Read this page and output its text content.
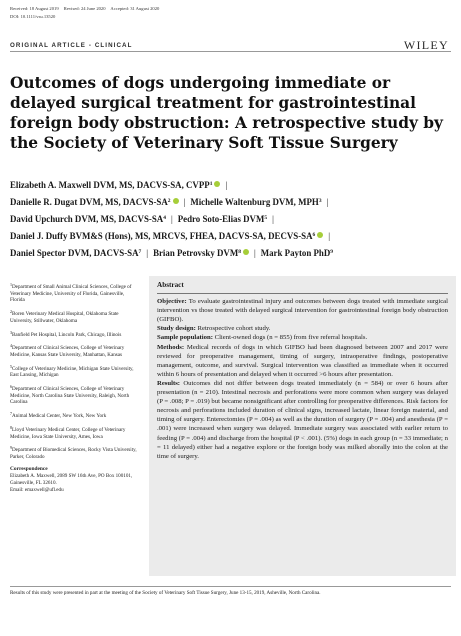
Received: 18 August 2019 Revised: 24 June 2020 Accepted: 31 August 2020
DOI: 10.1111/vsu.13520
ORIGINAL ARTICLE - CLINICAL	WILEY
Outcomes of dogs undergoing immediate or delayed surgical treatment for gastrointestinal foreign body obstruction: A retrospective study by the Society of Veterinary Soft Tissue Surgery
Elizabeth A. Maxwell DVM, MS, DACVS-SA, CVPP$^1$ |
Danielle R. Dugat DVM, MS, DACVS-$SA^2$ | Michelle Waltenburg DVM, MPH$^3$ |
David Upchurch DVM, MS, DACVS-$SA^4$ | Pedro Soto-Elias DVM$^5$ |
Daniel J. Duffy BVM&S (Hons), MS, MRCVS, FHEA, DACVS-SA, DECVS-$SA^6$ |
Daniel Spector DVM, DACVS-$SA^7$ | Brian Petrovsky DVM$^8$ | Mark Payton PhD$^9$
$^1$Department of Small Animal Clinical Sciences, College of Veterinary Medicine, University of Florida, Gainesville, Florida
$^2$Boren Veterinary Medical Hospital, Oklahoma State University, Stillwater, Oklahoma
$^3$Banfield Pet Hospital, Lincoln Park, Chicago, Illinois
$^4$Department of Clinical Sciences, College of Veterinary Medicine, Kansas State University, Manhattan, Kansas
$^5$College of Veterinary Medicine, Michigan State University, East Lansing, Michigan
$^6$Department of Clinical Sciences, College of Veterinary Medicine, North Carolina State University, Raleigh, North Carolina
$^7$Animal Medical Center, New York, New York
$^8$Lloyd Veterinary Medical Center, College of Veterinary Medicine, Iowa State University, Ames, Iowa
$^9$Department of Biomedical Sciences, Rocky Vista University, Parker, Colorado
Correspondence
Elizabeth A. Maxwell, 2089 SW 16th Ave, PO Box 100101, Gainesville, FL 32610.
Email: emaxwell@ufl.edu
Abstract

Objective: To evaluate gastrointestinal injury and outcomes between dogs treated with immediate surgical intervention vs those treated with delayed surgical intervention for gastrointestinal foreign body obstruction (GIFBO).

Study design: Retrospective cohort study.

Sample population: Client-owned dogs (n = 855) from five referral hospitals.

Methods: Medical records of dogs in which GIFBO had been diagnosed between 2007 and 2017 were reviewed for preoperative management, timing of surgery, intraoperative findings, postoperative management, outcome, and survival. Surgical intervention was classified as immediate when it occurred within 6 hours of presentation and delayed when it occurred >6 hours after presentation.

Results: Outcomes did not differ between dogs treated immediately (n = 584) or over 6 hours after presentation (n = 210). Intestinal necrosis and perforations were more common when surgery was delayed (P = .008; P = .019) but became nonsignificant after controlling for preoperative differences. Risk factors for necrosis and perforations included duration of clinical signs, increased lactate, linear foreign material, and timing of surgery. Enterectomies (P = .004) as well as the duration of surgery (P = .004) and anesthesia (P = .001) were increased when surgery was delayed. Immediate surgery was associated with earlier return to feeding (P = .004) and discharge from the hospital (P < .001). (5%) dogs in each group (n = 33 immediate; n = 11 delayed) either had a negative explore or the foreign body was milked aborally into the colon at the time of surgery.

Results of this study were presented in part at the meeting of the Society of Veterinary Soft Tissue Surgery, June 13-15, 2019, Asheville, North Carolina.
